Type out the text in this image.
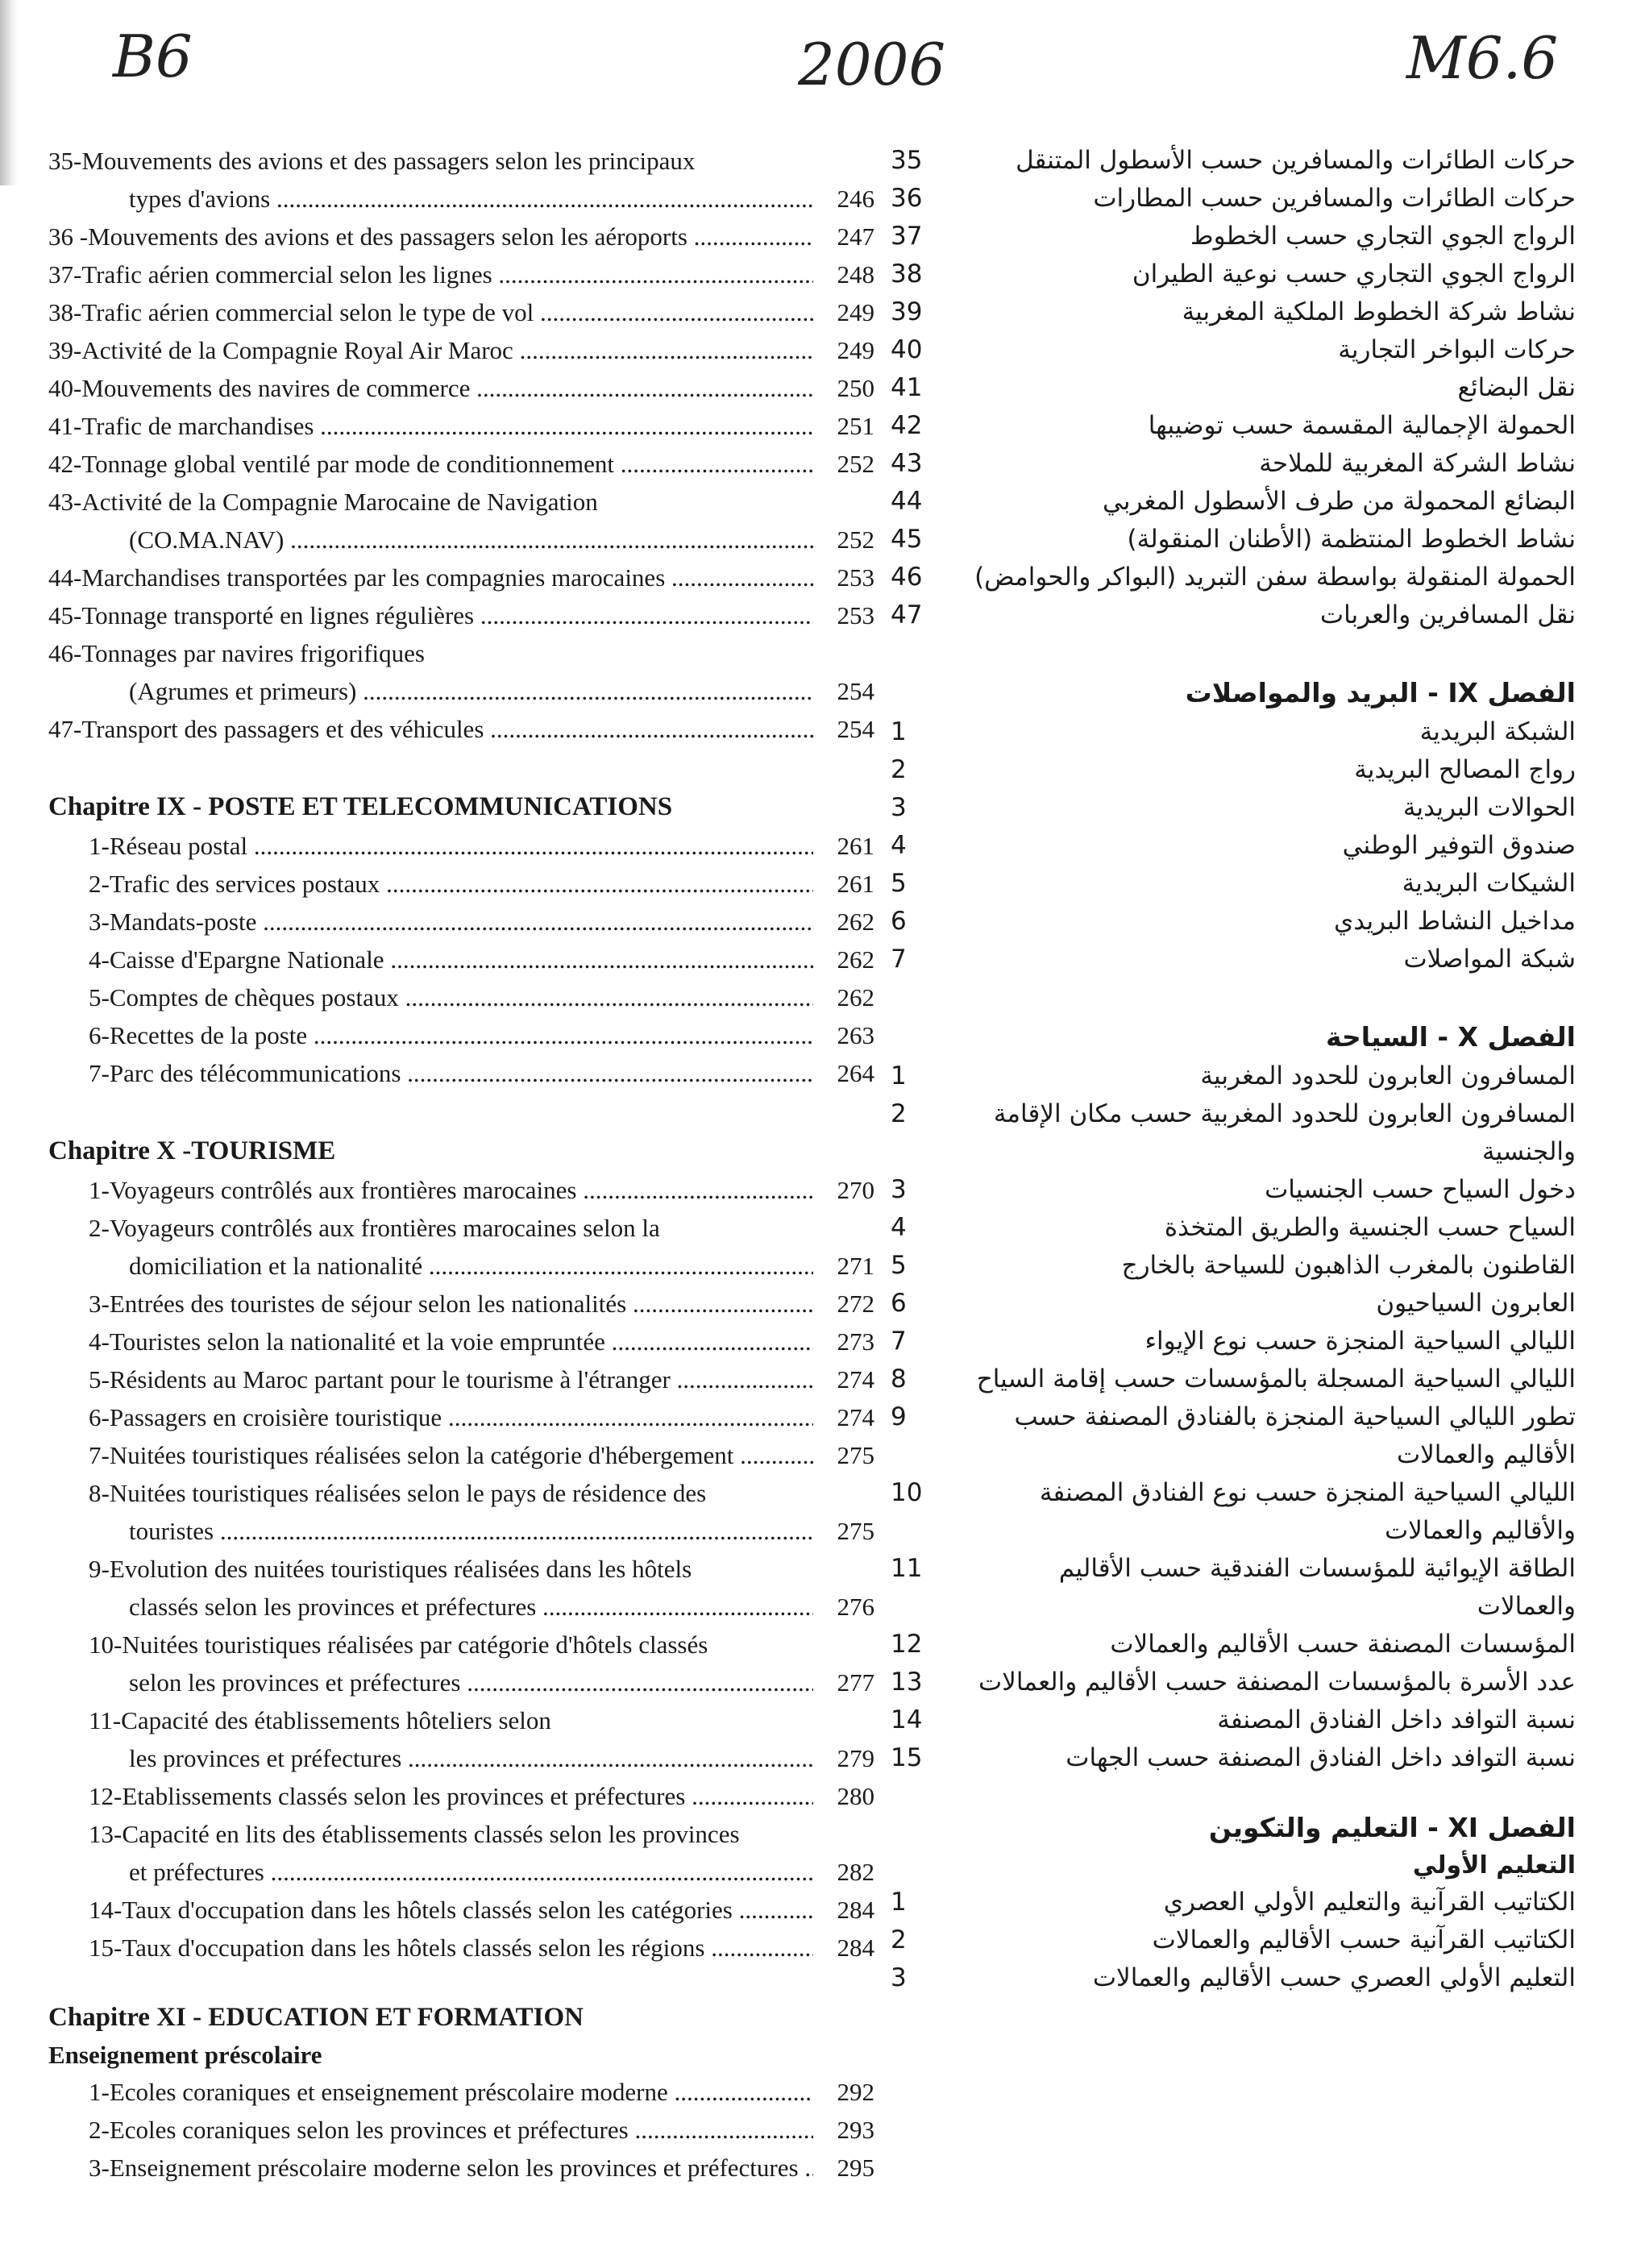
B6	2006	M6.6
35-Mouvements des avions et des passagers selon les principaux
types d'avions .....	246
36 -Mouvements des avions et des passagers selon les aéroports .....	247
37-Trafic aérien commercial selon les lignes .....	248
38-Trafic aérien commercial selon le type de vol .....	249
39-Activité de la Compagnie Royal Air Maroc .....	249
40-Mouvements des navires de commerce .....	250
41-Trafic de marchandises .....	251
42-Tonnage global ventilé par mode de conditionnement .....	252
43-Activité de la Compagnie Marocaine de Navigation
(CO.MA.NAV) .....	252
44-Marchandises transportées par les compagnies marocaines .....	253
45-Tonnage transporté en lignes régulières .....	253
46-Tonnages par navires frigorifiques
(Agrumes et primeurs) .....	254
47-Transport des passagers et des véhicules .....	254
Chapitre IX - POSTE ET TELECOMMUNICATIONS
1-Réseau postal .....	261
2-Trafic des services postaux .....	261
3-Mandats-poste .....	262
4-Caisse d'Epargne Nationale .....	262
5-Comptes de chèques postaux .....	262
6-Recettes de la poste .....	263
7-Parc des télécommunications .....	264
Chapitre X -TOURISME
1-Voyageurs contrôlés aux frontières marocaines .....	270
2-Voyageurs contrôlés aux frontières marocaines selon la
domiciliation et la nationalité .....	271
3-Entrées des touristes de séjour selon les nationalités .....	272
4-Touristes selon la nationalité et la voie empruntée .....	273
5-Résidents au Maroc partant pour le tourisme à l'étranger .....	274
6-Passagers en croisière touristique .....	274
7-Nuitées touristiques réalisées selon la catégorie d'hébergement .....	275
8-Nuitées touristiques réalisées selon le pays de résidence des
touristes .....	275
9-Evolution des nuitées touristiques réalisées dans les hôtels
classés selon les provinces et préfectures .....	276
10-Nuitées touristiques réalisées par catégorie d'hôtels classés
selon les provinces et préfectures .....	277
11-Capacité des établissements hôteliers selon
les provinces et préfectures .....	279
12-Etablissements classés selon les provinces et préfectures .....	280
13-Capacité en lits des établissements classés selon les provinces
et préfectures .....	282
14-Taux d'occupation dans les hôtels classés selon les catégories .....	284
15-Taux d'occupation dans les hôtels classés selon les régions .....	284
Chapitre XI - EDUCATION ET FORMATION
Enseignement préscolaire
1-Ecoles coraniques et enseignement préscolaire moderne .....	292
2-Ecoles coraniques selon les provinces et préfectures .....	293
3-Enseignement préscolaire moderne selon les provinces et préfectures .....	295
35	حركات الطائرات والمسافرين حسب الأسطول المتنقل
36	حركات الطائرات والمسافرين حسب المطارات
37	الرواج الجوي التجاري حسب الخطوط
38	الرواج الجوي التجاري حسب نوعية الطيران
39	نشاط شركة الخطوط الملكية المغربية
40	حركات البواخر التجارية
41	نقل البضائع
42	الحمولة الإجمالية المقسمة حسب توضيبها
43	نشاط الشركة المغربية للملاحة
44	البضائع المحمولة من طرف الأسطول المغربي
45	نشاط الخطوط المنتظمة (الأطنان المنقولة)
46	الحمولة المنقولة بواسطة سفن التبريد (البواكر والحوامض)
47	نقل المسافرين والعربات
الفصل IX - البريد والمواصلات
1	الشبكة البريدية
2	رواج المصالح البريدية
3	الحوالات البريدية
4	صندوق التوفير الوطني
5	الشيكات البريدية
6	مداخيل النشاط البريدي
7	شبكة المواصلات
الفصل X - السياحة
1	المسافرون العابرون للحدود المغربية
2	المسافرون العابرون للحدود المغربية حسب مكان الإقامة والجنسية
3	دخول السياح حسب الجنسيات
4	السياح حسب الجنسية والطريق المتخذة
5	القاطنون بالمغرب الذاهبون للسياحة بالخارج
6	العابرون السياحيون
7	الليالي السياحية المنجزة حسب نوع الإيواء
8	الليالي السياحية المسجلة بالمؤسسات حسب إقامة السياح
9	تطور الليالي السياحية المنجزة بالفنادق المصنفة حسب الأقاليم والعمالات
10	الليالي السياحية المنجزة حسب نوع الفنادق المصنفة والأقاليم والعمالات
11	الطاقة الإيوائية للمؤسسات الفندقية حسب الأقاليم والعمالات
12	المؤسسات المصنفة حسب الأقاليم والعمالات
13	عدد الأسرة بالمؤسسات المصنفة حسب الأقاليم والعمالات
14	نسبة التوافد داخل الفنادق المصنفة
15	نسبة التوافد داخل الفنادق المصنفة حسب الجهات
الفصل XI - التعليم والتكوين
التعليم الأولي
1	الكتاتيب القرآنية والتعليم الأولي العصري
2	الكتاتيب القرآنية حسب الأقاليم والعمالات
3	التعليم الأولي العصري حسب الأقاليم والعمالات
